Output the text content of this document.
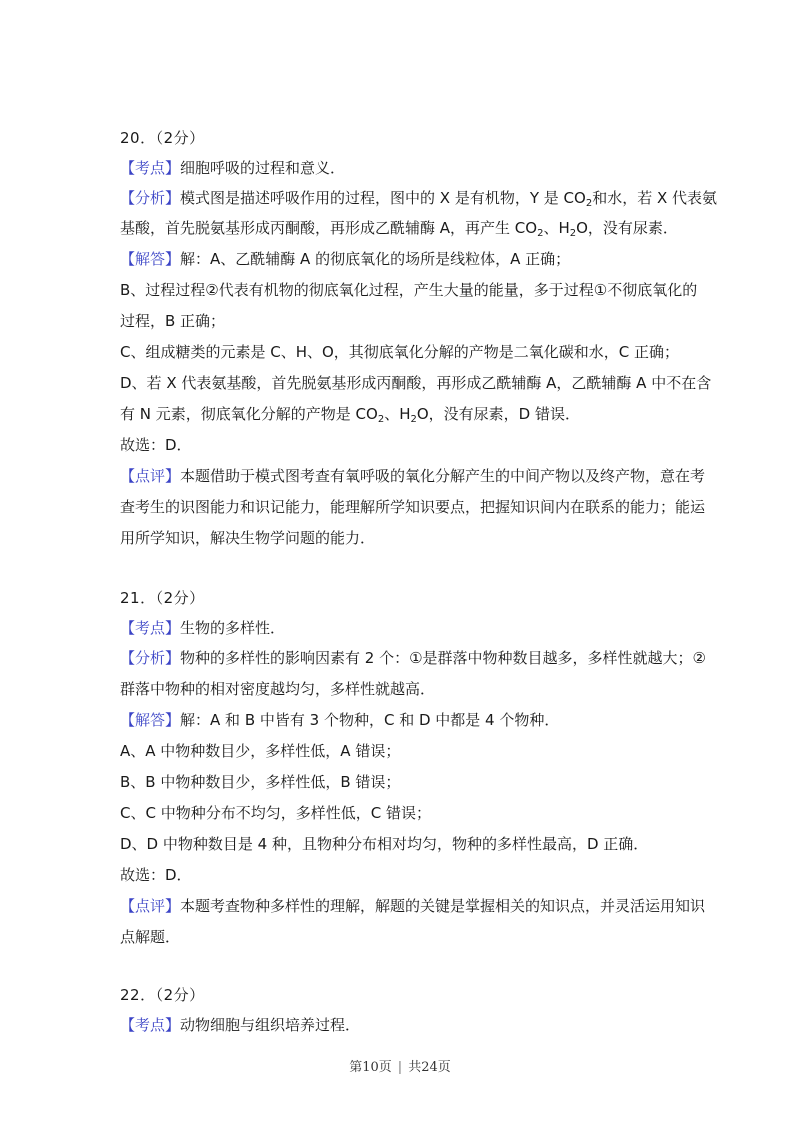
20．（2分）
【考点】细胞呼吸的过程和意义．
【分析】模式图是描述呼吸作用的过程，图中的 X 是有机物，Y 是 $CO_2$和水，若 X 代表氨
基酸，首先脱氨基形成丙酮酸，再形成乙酰辅酶 A，再产生 $CO_2$、$H_2O$，没有尿素．
【解答】解：A、乙酰辅酶 A 的彻底氧化的场所是线粒体，A 正确；
B、过程过程②代表有机物的彻底氧化过程，产生大量的能量，多于过程①不彻底氧化的
过程，B 正确；
C、组成糖类的元素是 C、H、O，其彻底氧化分解的产物是二氧化碳和水，C 正确；
D、若 X 代表氨基酸，首先脱氨基形成丙酮酸，再形成乙酰辅酶 A，乙酰辅酶 A 中不在含
有 N 元素，彻底氧化分解的产物是 $CO_2$、$H_2O$，没有尿素，D 错误．
故选：D．
【点评】本题借助于模式图考查有氧呼吸的氧化分解产生的中间产物以及终产物，意在考
查考生的识图能力和识记能力，能理解所学知识要点，把握知识间内在联系的能力；能运
用所学知识，解决生物学问题的能力．
21．（2分）
【考点】生物的多样性．
【分析】物种的多样性的影响因素有 2 个：①是群落中物种数目越多，多样性就越大；②
群落中物种的相对密度越均匀，多样性就越高．
【解答】解：A 和 B 中皆有 3 个物种，C 和 D 中都是 4 个物种．
A、A 中物种数目少，多样性低，A 错误；
B、B 中物种数目少，多样性低，B 错误；
C、C 中物种分布不均匀，多样性低，C 错误；
D、D 中物种数目是 4 种，且物种分布相对均匀，物种的多样性最高，D 正确．
故选：D．
【点评】本题考查物种多样性的理解，解题的关键是掌握相关的知识点，并灵活运用知识
点解题．
22．（2分）
【考点】动物细胞与组织培养过程．
第10页 | 共24页
